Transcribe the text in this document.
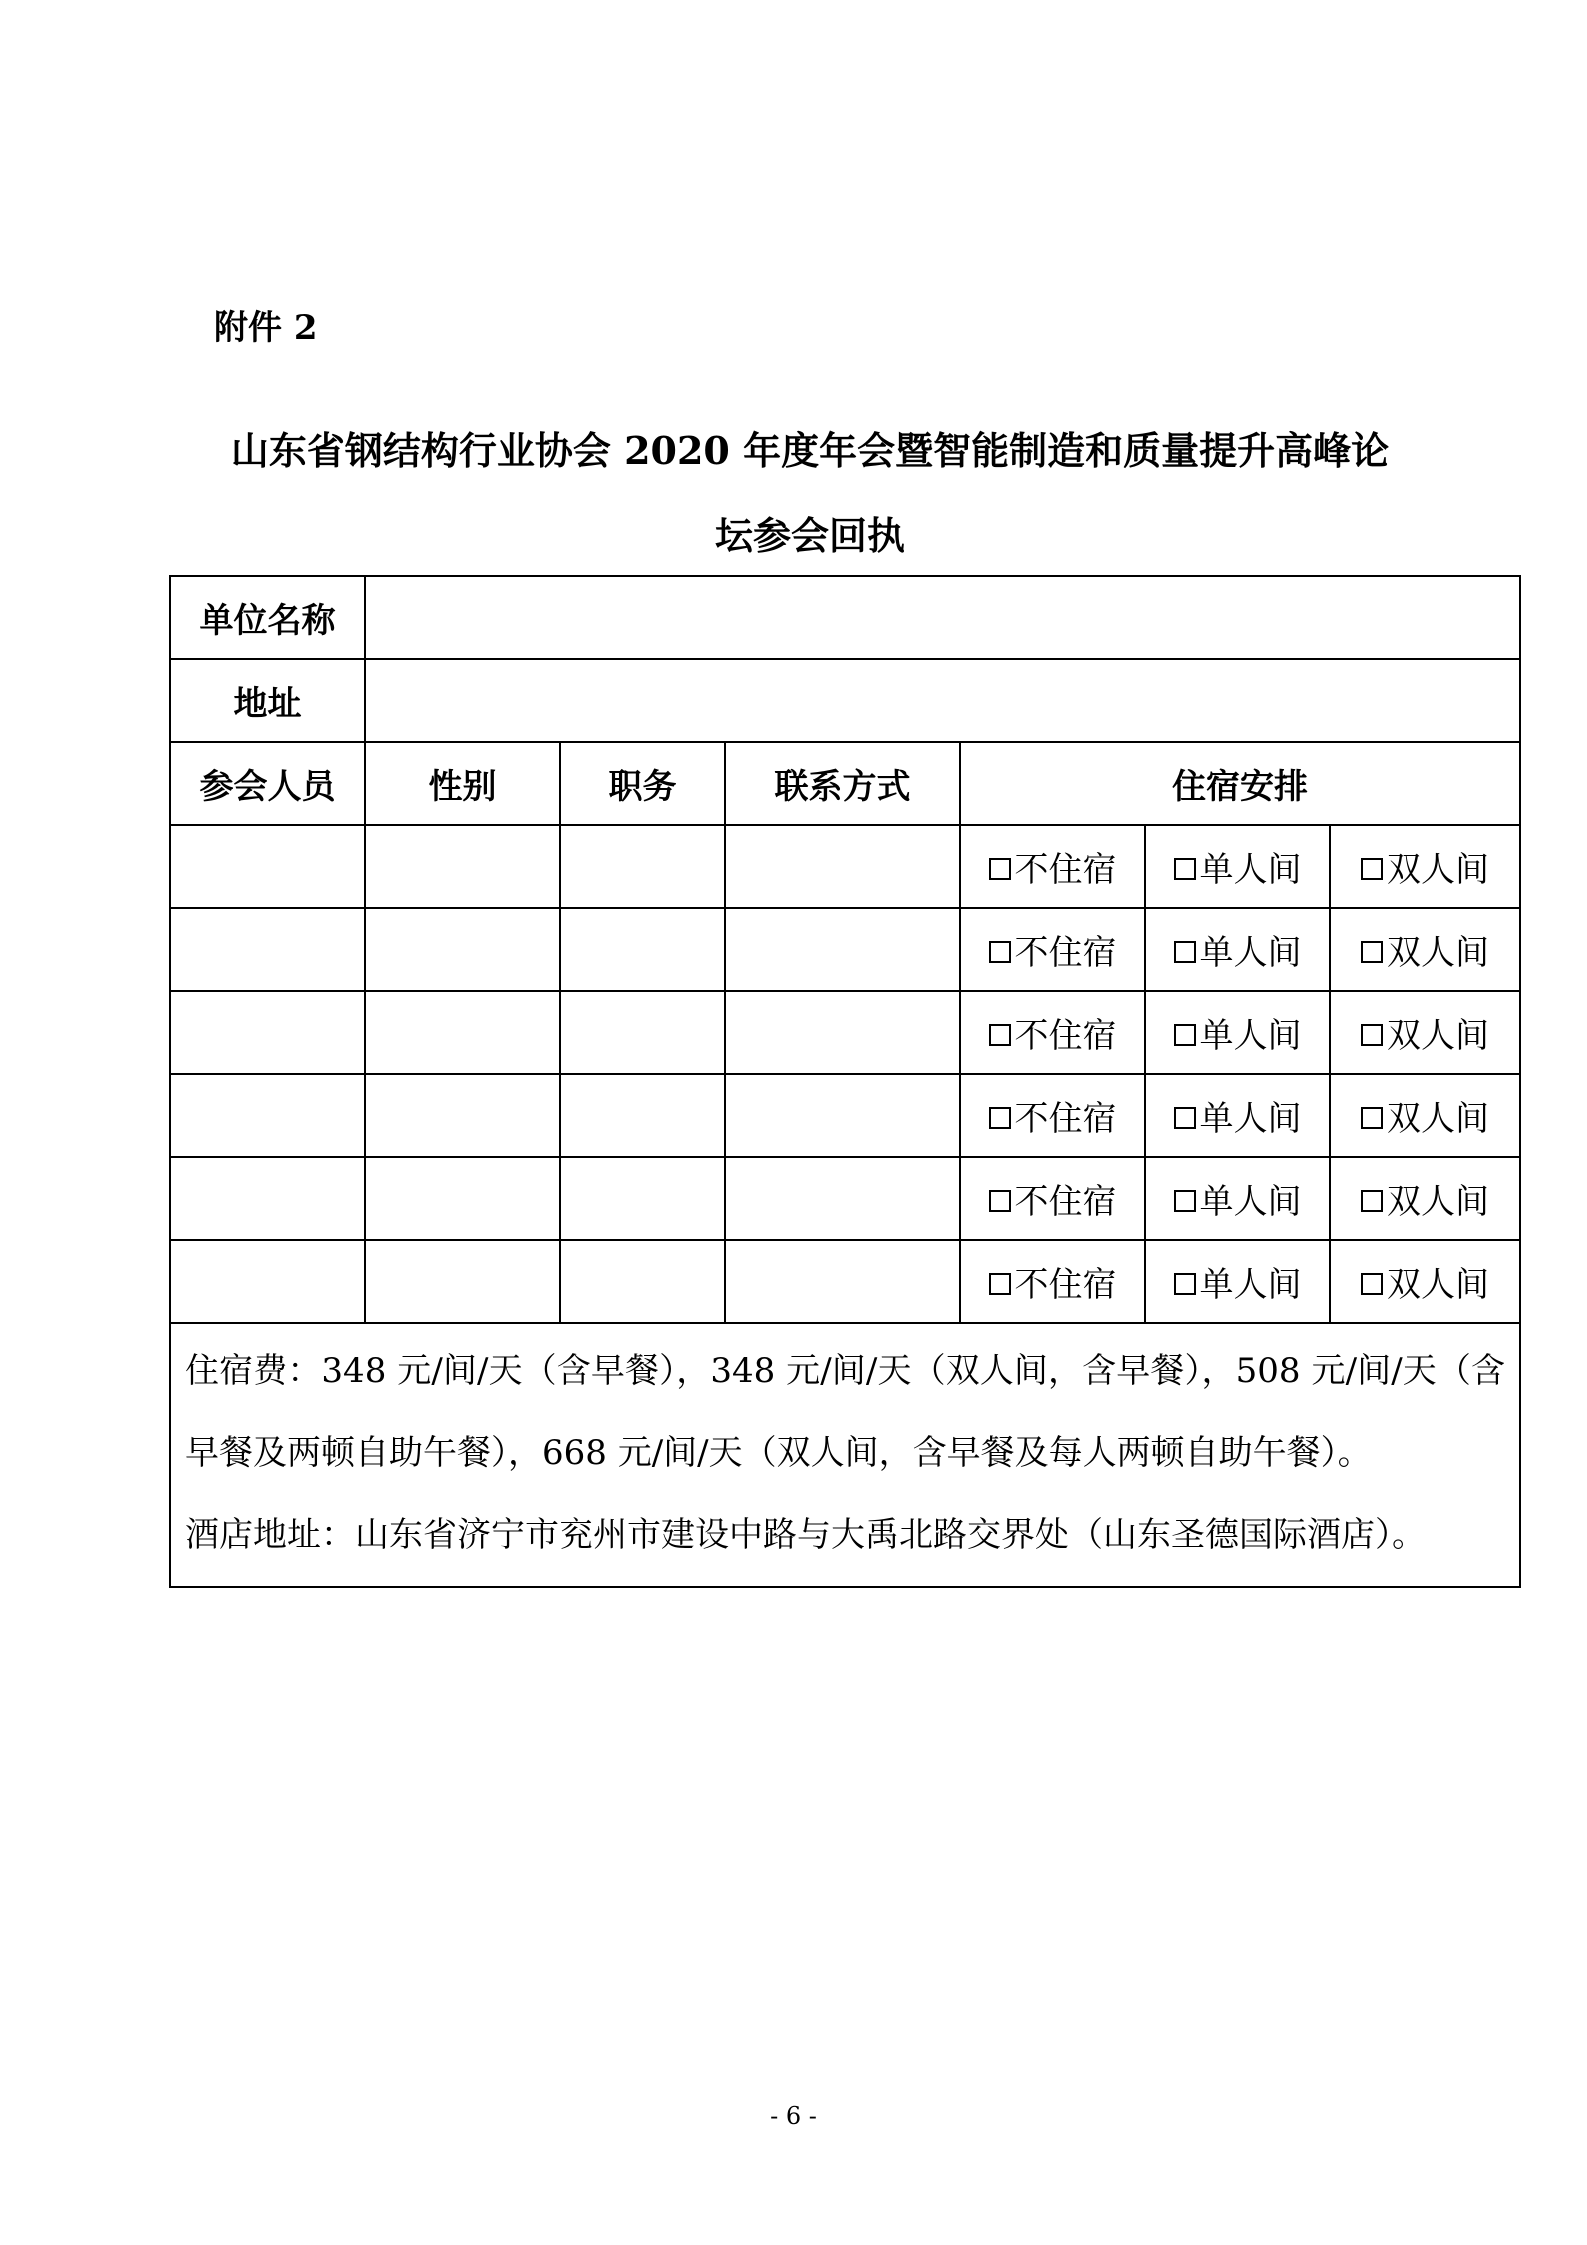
附件 2
山东省钢结构行业协会 2020 年度年会暨智能制造和质量提升高峰论
坛参会回执
单位名称						
地址						
参会人员	性别	职务	联系方式	住宿安排		
				不住宿	单人间	双人间
				不住宿	单人间	双人间
				不住宿	单人间	双人间
				不住宿	单人间	双人间
				不住宿	单人间	双人间
				不住宿	单人间	双人间

住宿费：348 元/间/天（含早餐），348 元/间/天（双人间，含早餐），508 元/间/天（含早餐及两顿自助午餐），668 元/间/天（双人间，含早餐及每人两顿自助午餐）。

酒店地址：山东省济宁市兖州市建设中路与大禹北路交界处（山东圣德国际酒店）。						

- 6 -
